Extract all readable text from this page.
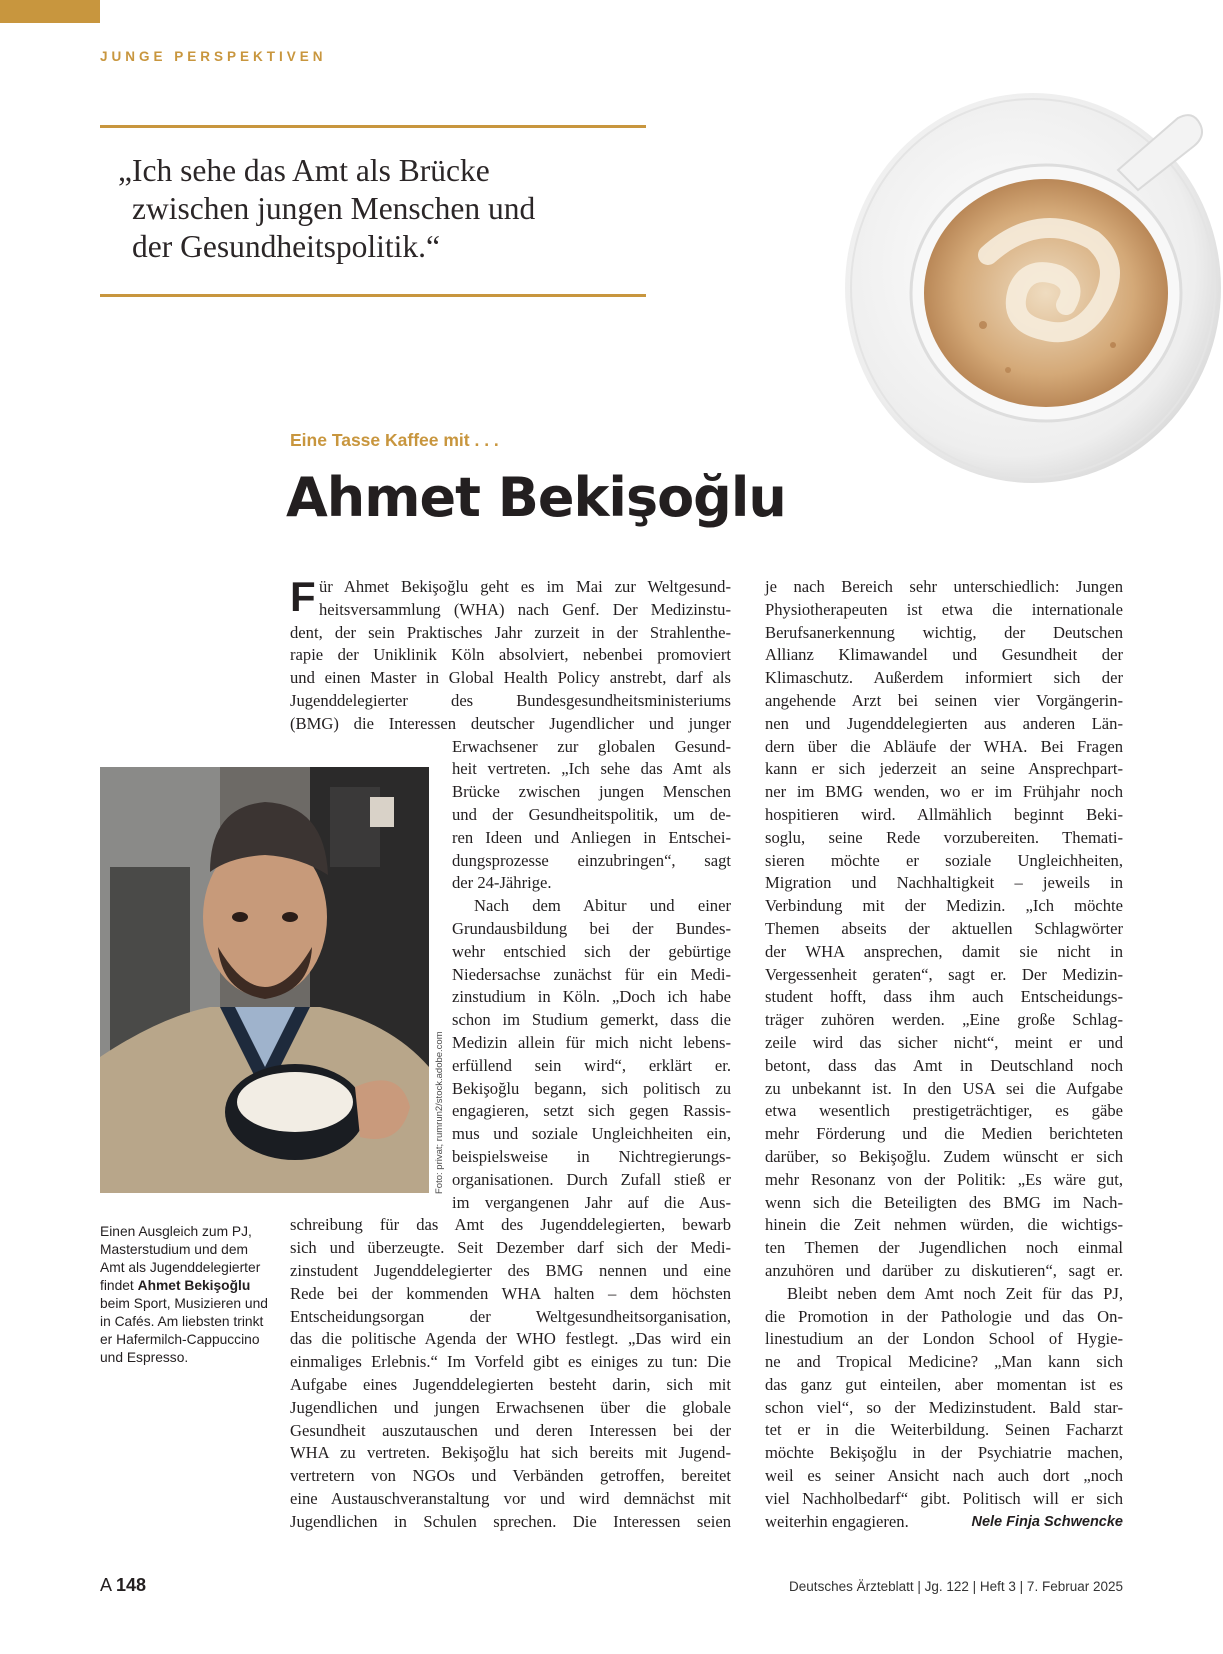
JUNGE PERSPEKTIVEN
„Ich sehe das Amt als Brücke
zwischen jungen Menschen und
der Gesundheitspolitik.“
Eine Tasse Kaffee mit . . .
Ahmet Bekişoğlu
F ür Ahmet Bekişoğlu geht es im Mai zur Weltgesund-
heitsversammlung (WHA) nach Genf. Der Medizinstu-
dent, der sein Praktisches Jahr zurzeit in der Strahlenthe-
rapie der Uniklinik Köln absolviert, nebenbei promoviert
und einen Master in Global Health Policy anstrebt, darf als
Jugenddelegierter des Bundesgesundheitsministeriums
(BMG) die Interessen deutscher Jugendlicher und junger
Foto: privat; rumrun2/stock.adobe.com
Erwachsener zur globalen Gesund-
heit vertreten. „Ich sehe das Amt als
Brücke zwischen jungen Menschen
und der Gesundheitspolitik, um de-
ren Ideen und Anliegen in Entschei-
dungsprozesse einzubringen“, sagt
der 24-Jährige.
Nach dem Abitur und einer
Grundausbildung bei der Bundes-
wehr entschied sich der gebürtige
Niedersachse zunächst für ein Medi-
zinstudium in Köln. „Doch ich habe
schon im Studium gemerkt, dass die
Medizin allein für mich nicht lebens-
erfüllend sein wird“, erklärt er.
Bekişoğlu begann, sich politisch zu
engagieren, setzt sich gegen Rassis-
mus und soziale Ungleichheiten ein,
beispielsweise in Nichtregierungs-
organisationen. Durch Zufall stieß er
im vergangenen Jahr auf die Aus-
Einen Ausgleich zum PJ,
Masterstudium und dem
Amt als Jugenddelegierter
findet Ahmet Bekişoğlu
beim Sport, Musizieren und
in Cafés. Am liebsten trinkt
er Hafermilch-Cappuccino
und Espresso.
schreibung für das Amt des Jugenddelegierten, bewarb
sich und überzeugte. Seit Dezember darf sich der Medi-
zinstudent Jugenddelegierter des BMG nennen und eine
Rede bei der kommenden WHA halten – dem höchsten
Entscheidungsorgan der Weltgesundheitsorganisation,
das die politische Agenda der WHO festlegt. „Das wird ein
einmaliges Erlebnis.“ Im Vorfeld gibt es einiges zu tun: Die
Aufgabe eines Jugenddelegierten besteht darin, sich mit
Jugendlichen und jungen Erwachsenen über die globale
Gesundheit auszutauschen und deren Interessen bei der
WHA zu vertreten. Bekişoğlu hat sich bereits mit Jugend-
vertretern von NGOs und Verbänden getroffen, bereitet
eine Austauschveranstaltung vor und wird demnächst mit
Jugendlichen in Schulen sprechen. Die Interessen seien
je nach Bereich sehr unterschiedlich: Jungen
Physiotherapeuten ist etwa die internationale
Berufsanerkennung wichtig, der Deutschen
Allianz Klimawandel und Gesundheit der
Klimaschutz. Außerdem informiert sich der
angehende Arzt bei seinen vier Vorgängerin-
nen und Jugenddelegierten aus anderen Län-
dern über die Abläufe der WHA. Bei Fragen
kann er sich jederzeit an seine Ansprechpart-
ner im BMG wenden, wo er im Frühjahr noch
hospitieren wird. Allmählich beginnt Beki-
soglu, seine Rede vorzubereiten. Themati-
sieren möchte er soziale Ungleichheiten,
Migration und Nachhaltigkeit – jeweils in
Verbindung mit der Medizin. „Ich möchte
Themen abseits der aktuellen Schlagwörter
der WHA ansprechen, damit sie nicht in
Vergessenheit geraten“, sagt er. Der Medizin-
student hofft, dass ihm auch Entscheidungs-
träger zuhören werden. „Eine große Schlag-
zeile wird das sicher nicht“, meint er und
betont, dass das Amt in Deutschland noch
zu unbekannt ist. In den USA sei die Aufgabe
etwa wesentlich prestigeträchtiger, es gäbe
mehr Förderung und die Medien berichteten
darüber, so Bekişoğlu. Zudem wünscht er sich
mehr Resonanz von der Politik: „Es wäre gut,
wenn sich die Beteiligten des BMG im Nach-
hinein die Zeit nehmen würden, die wichtigs-
ten Themen der Jugendlichen noch einmal
anzuhören und darüber zu diskutieren“, sagt er.
Bleibt neben dem Amt noch Zeit für das PJ,
die Promotion in der Pathologie und das On-
linestudium an der London School of Hygie-
ne and Tropical Medicine? „Man kann sich
das ganz gut einteilen, aber momentan ist es
schon viel“, so der Medizinstudent. Bald star-
tet er in die Weiterbildung. Seinen Facharzt
möchte Bekişoğlu in der Psychiatrie machen,
weil es seiner Ansicht nach auch dort „noch
viel Nachholbedarf“ gibt. Politisch will er sich
weiterhin engagieren.	Nele Finja Schwencke
A 148	Deutsches Ärzteblatt | Jg. 122 | Heft 3 | 7. Februar 2025
